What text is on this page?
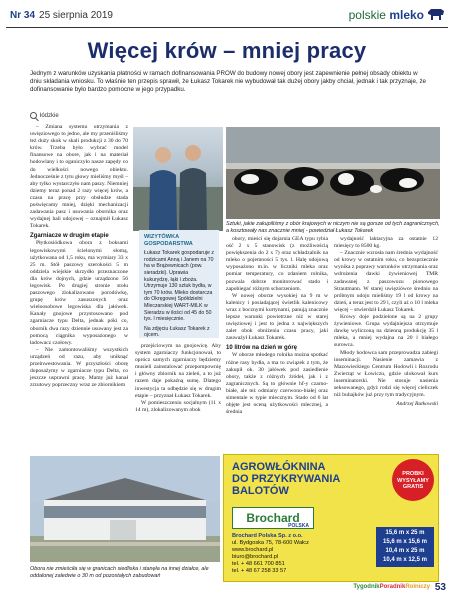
Nr 34 25 sierpnia 2019	polskie mleko
Więcej krów – mniej pracy

Jednym z warunków uzyskania płatności w ramach dofinansowania PROW do budowy nowej obory jest zapewnienie pełnej obsady obiektu w dniu składania wniosku. To właśnie ten przepis sprawił, że Łukasz Tokarek nie wybudował tak dużej obory jakby chciał, jednak i tak przyznaje, że dofinansowanie było bardzo pomocne w jego przypadku.

łódzkie

– Zmiana systemu utrzymania z uwięziowego to jedno, ale my przeniśliśmy też duży skok w skali produkcji z 30 do 70 krów. Trzeba było wybrać model finansowe na obore, jak i na materiał hodowlany i to oganiczyło nasze zapędy co do wielkości nowego obiektu. Jednocześnie z tytu głowy mieliśmy myśl – aby tylko wystarczyło nam paszy. Niemniej dziemy teraz ponad 2 razy więcej krów, a czasu na pracę przy obsłudze stada poświęcamy mniej, dzięki mechanizacji zadawania pasz i usuwania obornika oraz wydajnej hali udojowej – oznajmił Łukasz Tokarek.

Zgarniacze w drugim etapie

Płytkosiódkowa obora z boksami legowiskowymi ścielonymi słomą, użytkowana od 1,5 roku, ma wymiary 33 x 25 m. Stół paszowy szerokości 5 m oddziela wiejskie skrzydło przeznaczone dla krów dojnych, gdzie urządzono 56 legowisk. Po drugiej stronie stołu paszowego zlokalizowano porodówkę, grupę krów zasuszonych oraz wieloosobowe legowiska dla jałówek. Kanały gnojowe przystosowano pod zgarniacze typu Delta, jednak póki co, obornik dwa razy dziennie usuwany jest za pomocą ciągnika wyposażonego w ładowacz czołowy.

– Nie zamontowaliśmy wszystkich urządzeń od razu, aby uniknąć przeinwestowania. W przyszłości oborę doposażymy w zgarniacze typu Delta, co jeszcze usprawni pracę. Mamy już kanał zrzutowy poprzeczny wraz ze zbiornikiem

WIZYTÓWKA GOSPODARSTWA

Łukasz Tokarek gospodaruje z rodzicami Anną i Janem na 70 ha w Brążewnicach (pow. sieradzki). Uprawia kukurydzę, łąki i zboża. Utrzymuje 130 sztuk bydła, w tym 70 krów. Mleko dostarcza do Okręgowej Spółdzielni Mleczarskiej WART-MILK w Sieradzu w ilości od 45 do 50 tys. l miesięcznie.

Na zdjęciu Łukasz Tokarek z ojcem.

Sztuki, jakie zakupiliśmy z obór krajowych w niczym nie są gorsze od tych zagranicznych, a kosztowały nas znacznie mniej - powiedział Łukasz Tokarek

przejściowym na gnojowicę. Aby system zgarniaczy funkcjonował, to oprócz samych zgarniaczy będziemy musieli zainstalować przepompownię i główny zbiornik na zieleń, a to już razem daje pokaźną sumę. Dlatego inwestycja ta odbędzie się w drugim etapie – przyznał Łukasz Tokarek.

W pomieszczeniu socjalnym (11 x 14 m), zlokalizowanym obok

obory, mieści się dojarnia GEA typu rybia ość 2 x 5 stanowisk (z możliwością powiększenia do 2 x 7) oraz schładzalnik na mleko o pojemności 5 tys. l. Halę udojową wyposażono m.in. w liczniki mleka oraz pomiar temperatury, co zdaniem rolnika, pozwala dobrze monitorować stado i zapobiegać różnym schorzeniom.

W nowej oborze wysokiej na 9 m w kalenicy i posiadającej świetlik kalenicowy wraz z bocznymi kurtynami, panują znacznie lepsze warunki powietrzne niż w starej uwięziowej i jest to jedna z największych zalet obok obniżenia czasu pracy, jaki zauważył Łukasz Tokarek.

10 litrów na dzień w górę

W oborze młodego rolnika można spotkać różne rasy bydła, a ma to związek z tym, że zakupił ok. 30 jałówek pod zasiedlenie obory, także z różnych źródeł, jak i z zagranicznych. Są to głównie hf-y czarno-białe, ale też odmiany czerwono-białej oraz simentale w typie mlecznym. Stado od 6 lat objęte jest oceną użytkowości mlecznej, a średnia

wydajność laktacyjna za ostatnie 12 miesięcy to 8500 kg.

– Znacznie wzrosła nam średnia wydajność od krowy w ostatnim roku, co bezsprzecznie wynika z poprawy warunków utrzymania oraz wdrożenia dawki żywieniowej TMR zadawanej z paszowozu pionowego Strautmann. W starej uwięziówce średnio na próbnym udoju mieliśmy 19 l od krowy na dzień, a teraz jest to 29 l, czyli aż o 10 l mleka więcej – stwierdził Łukasz Tokarek.

Krowy doje podzielone są na 2 grupy żywieniowe. Grupa wydajniejsza otrzymuje dawkę wyliczoną na dzienną produkcję 35 l mleka, a mniej wydajna na 20 l białego surowca.

Młody hodowca sam przeprowadza zabiegi inseminacji. Nasienie zamawia z Mazowieckiego Centrum Hodowli i Rozrodu Zwierząt w Łowiczu, gdzie ulokował kurs inseminatorski. Nie stosuje nasienia seksowanego, gdyż rodzi się więcej cieliczek niż buhajków już przy tym tradycyjnym.

Andrzej Rutkowski

Obora nie zmieściła się w granicach siedliska i stanęła na innej działce, ale oddalonej zaledwie o 30 m od pozostałych zabudowań

AGROWŁÓKNINA
DO PRZYKRYWANIA
BALOTÓW
Brochard
POLSKA
Brochard Polska Sp. z o.o.
ul. Bydgoska 75, 78-600 Wałcz
www.brochard.pl
biuro@brochard.pl
tel. + 48 661 700 851
tel. + 48 67 258 33 57
PROBKI WYSYŁAMY GRATIS
15,6 m x 25 m
15,6 m x 15,6 m
10,4 m x 25 m
10,4 m x 12,5 m
TygodnikPoradnikRolniczy 53
